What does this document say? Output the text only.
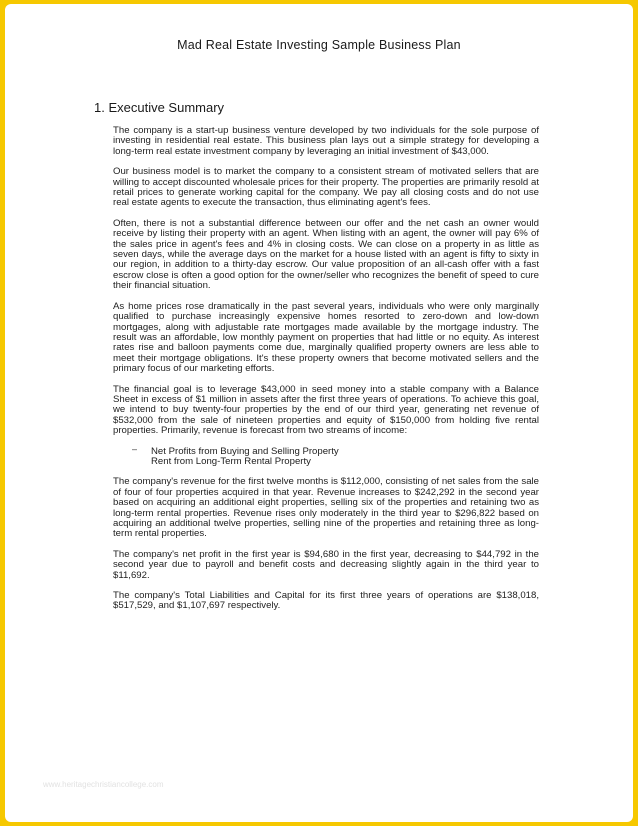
Mad Real Estate Investing Sample Business Plan
1. Executive Summary

The company is a start-up business venture developed by two individuals for the sole purpose of investing in residential real estate. This business plan lays out a simple strategy for developing a long-term real estate investment company by leveraging an initial investment of $43,000.

Our business model is to market the company to a consistent stream of motivated sellers that are willing to accept discounted wholesale prices for their property. The properties are primarily resold at retail prices to generate working capital for the company. We pay all closing costs and do not use real estate agents to execute the transaction, thus eliminating agent's fees.

Often, there is not a substantial difference between our offer and the net cash an owner would receive by listing their property with an agent. When listing with an agent, the owner will pay 6% of the sales price in agent's fees and 4% in closing costs. We can close on a property in as little as seven days, while the average days on the market for a house listed with an agent is fifty to sixty in our region, in addition to a thirty-day escrow. Our value proposition of an all-cash offer with a fast escrow close is often a good option for the owner/seller who recognizes the benefit of speed to cure their financial situation.

As home prices rose dramatically in the past several years, individuals who were only marginally qualified to purchase increasingly expensive homes resorted to zero-down and low-down mortgages, along with adjustable rate mortgages made available by the mortgage industry. The result was an affordable, low monthly payment on properties that had little or no equity. As interest rates rise and balloon payments come due, marginally qualified property owners are less able to meet their mortgage obligations. It's these property owners that become motivated sellers and the primary focus of our marketing efforts.

The financial goal is to leverage $43,000 in seed money into a stable company with a Balance Sheet in excess of $1 million in assets after the first three years of operations. To achieve this goal, we intend to buy twenty-four properties by the end of our third year, generating net revenue of $532,000 from the sale of nineteen properties and equity of $150,000 from holding five rental properties. Primarily, revenue is forecast from two streams of income:

– Net Profits from Buying and Selling Property
Rent from Long-Term Rental Property

The company's revenue for the first twelve months is $112,000, consisting of net sales from the sale of four of four properties acquired in that year. Revenue increases to $242,292 in the second year based on acquiring an additional eight properties, selling six of the properties and retaining two as long-term rental properties. Revenue rises only moderately in the third year to $296,822 based on acquiring an additional twelve properties, selling nine of the properties and retaining three as long-term rental properties.

The company's net profit in the first year is $94,680 in the first year, decreasing to $44,792 in the second year due to payroll and benefit costs and decreasing slightly again in the third year to $11,692.

The company's Total Liabilities and Capital for its first three years of operations are $138,018, $517,529, and $1,107,697 respectively.

www.heritagechristiancollege.com
